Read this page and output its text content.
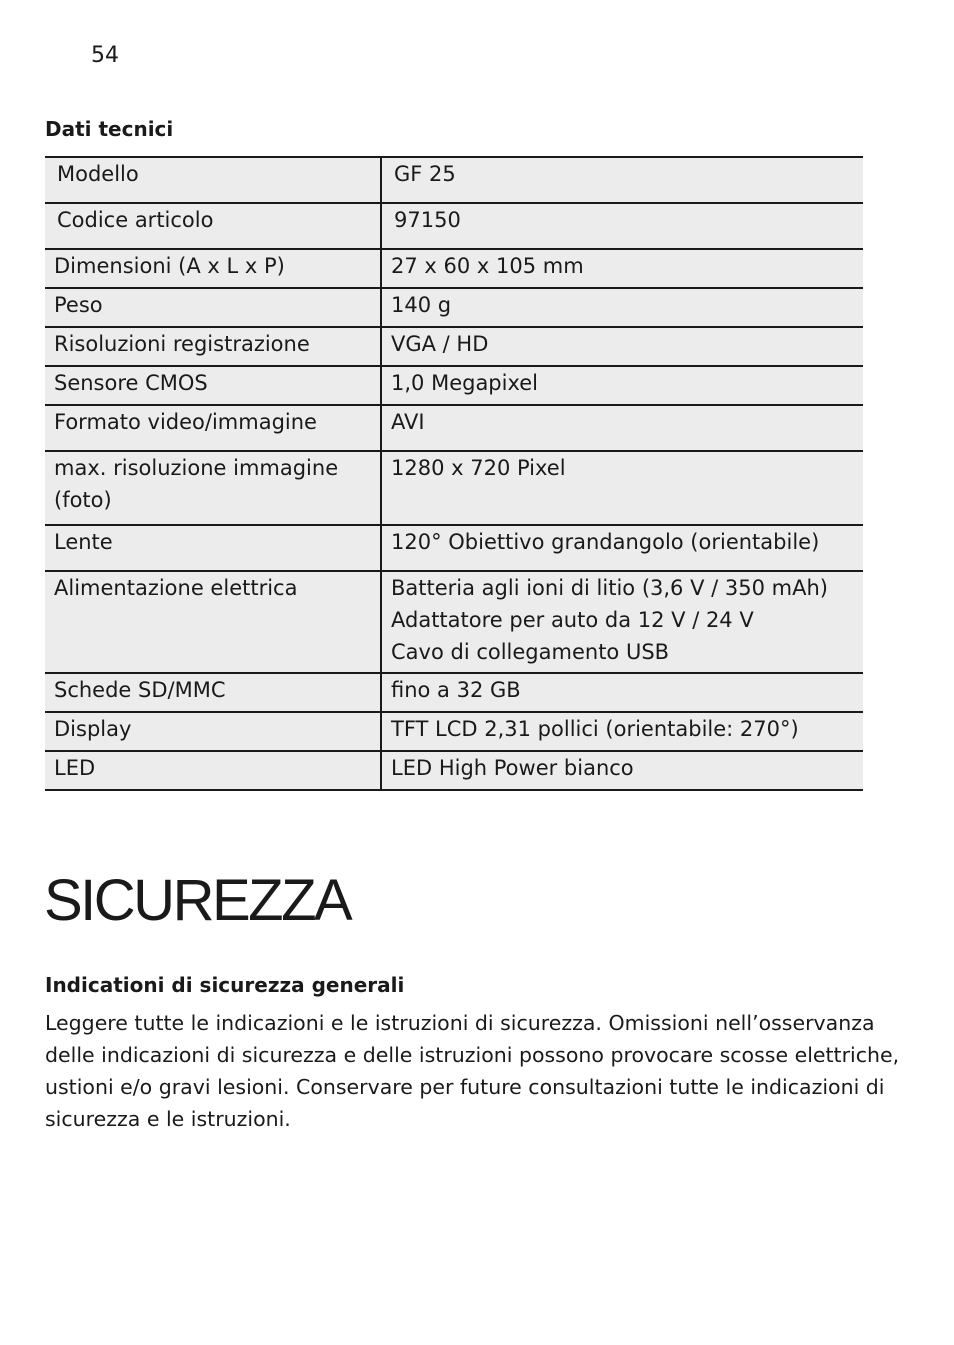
54
Dati tecnici
Modello	GF 25
Codice articolo	97150
Dimensioni (A x L x P)	27 x 60 x 105 mm
Peso	140 g
Risoluzioni registrazione	VGA / HD
Sensore CMOS	1,0 Megapixel
Formato video/immagine	AVI

max. risoluzione immagine
(foto)	1280 x 720 Pixel
Lente	120° Obiettivo grandangolo (orientabile)
Alimentazione elettrica	Batteria agli ioni di litio (3,6 V / 350 mAh)
Adattatore per auto da 12 V / 24 V
Cavo di collegamento USB

Schede SD/MMC	fino a 32 GB
Display	TFT LCD 2,31 pollici (orientabile: 270°)
LED	LED High Power bianco
SICUREZZA
Indicationi di sicurezza generali

Leggere tutte le indicazioni e le istruzioni di sicurezza. Omissioni nell’osservanza
delle indicazioni di sicurezza e delle istruzioni possono provocare scosse elettriche,
ustioni e/o gravi lesioni. Conservare per future consultazioni tutte le indicazioni di
sicurezza e le istruzioni.
